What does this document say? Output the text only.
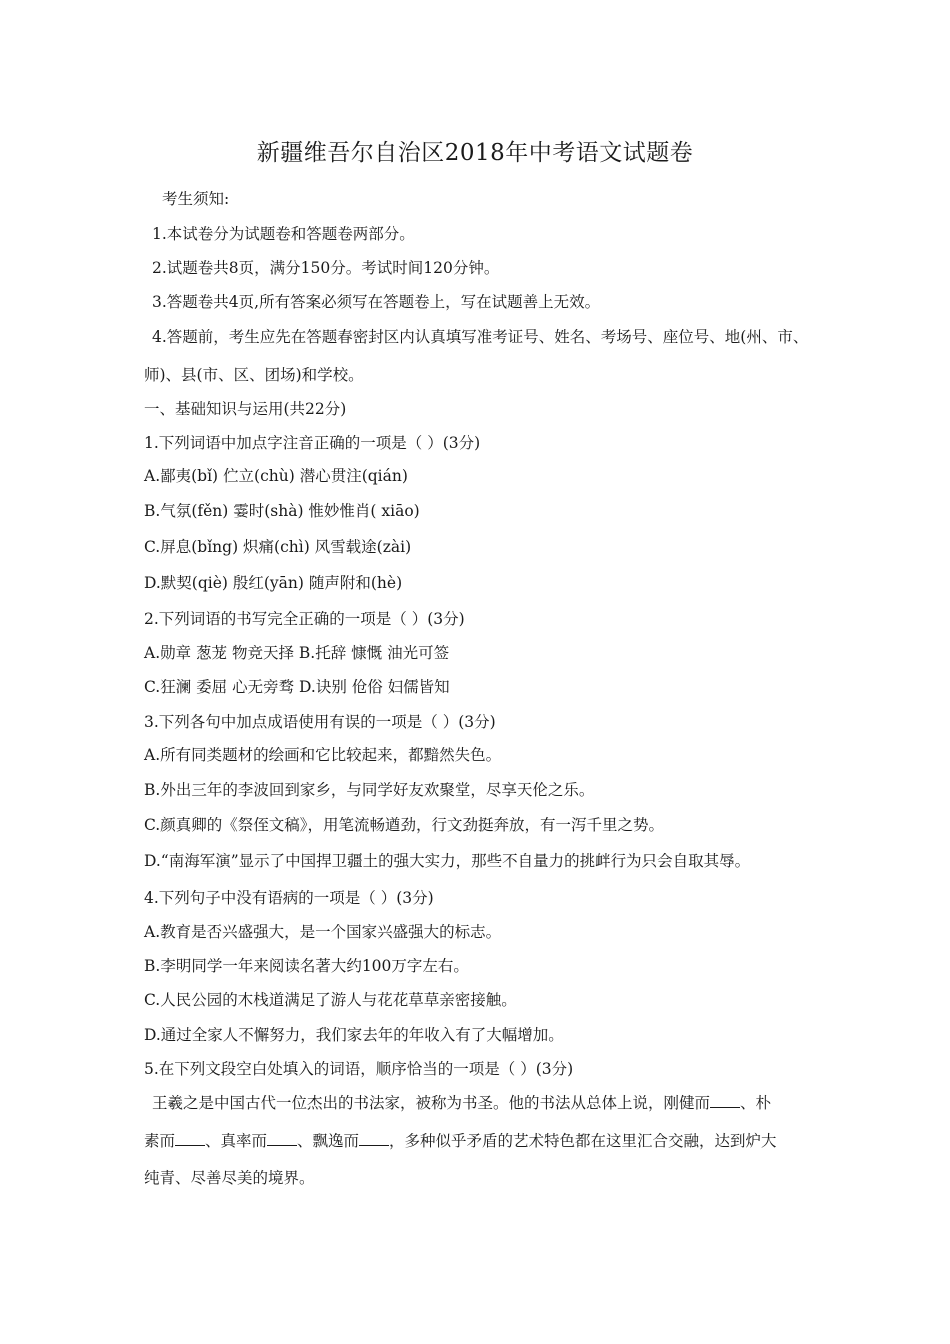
新疆维吾尔自治区2018年中考语文试题卷
考生须知:
1.本试卷分为试题卷和答题卷两部分。
2.试题卷共8页，满分150分。考试时间120分钟。
3.答题卷共4页,所有答案必须写在答题卷上，写在试题善上无效。
4.答题前，考生应先在答题春密封区内认真填写准考证号、姓名、考场号、座位号、地(州、市、
师)、县(市、区、团场)和学校。
一、基础知识与运用(共22分)
1.下列词语中加点字注音正确的一项是（ ）(3分)
A.鄙夷(bǐ) 伫立(chù) 潜心贯注(qián)
B.气氛(fěn) 霎时(shà) 惟妙惟肖( xiāo)
C.屏息(bǐng) 炽痛(chì) 风雪载途(zài)
D.默契(qiè) 殷红(yān) 随声附和(hè)
2.下列词语的书写完全正确的一项是（ ）(3分)
A.勋章 葱茏 物竞天择 B.托辞 慷慨 油光可签
C.狂澜 委屈 心无旁骛 D.诀别 伧俗 妇儒皆知
3.下列各句中加点成语使用有误的一项是（ ）(3分)
A.所有同类题材的绘画和它比较起来，都黯然失色。
B.外出三年的李波回到家乡，与同学好友欢聚堂，尽享天伦之乐。
C.颜真卿的《祭侄文稿》，用笔流畅遒劲，行文劲挺奔放，有一泻千里之势。
D.“南海军演”显示了中国捍卫疆土的强大实力，那些不自量力的挑衅行为只会自取其辱。
4.下列句子中没有语病的一项是（ ）(3分)
A.教育是否兴盛强大，是一个国家兴盛强大的标志。
B.李明同学一年来阅读名著大约100万字左右。
C.人民公园的木栈道满足了游人与花花草草亲密接触。
D.通过全家人不懈努力，我们家去年的年收入有了大幅增加。
5.在下列文段空白处填入的词语，顺序恰当的一项是（ ）(3分)
王羲之是中国古代一位杰出的书法家，被称为书圣。他的书法从总体上说，刚健而 、朴
素而 、真率而 、飘逸而 ，多种似乎矛盾的艺术特色都在这里汇合交融，达到炉大
纯青、尽善尽美的境界。
